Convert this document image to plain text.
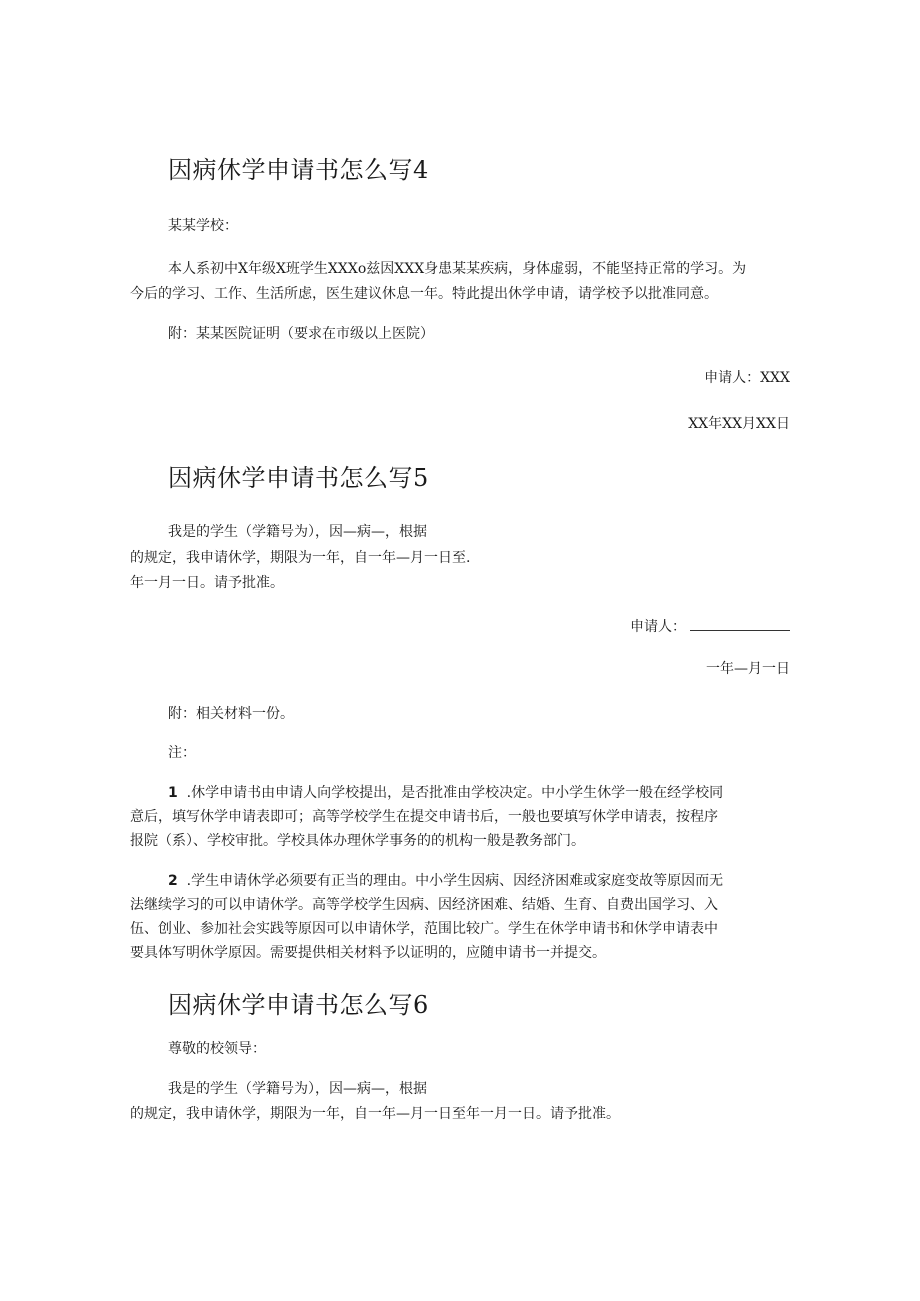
因病休学申请书怎么写4

某某学校：

本人系初中X年级X班学生XXXo兹因XXX身患某某疾病，身体虚弱，不能坚持正常的学习。为

今后的学习、工作、生活所虑，医生建议休息一年。特此提出休学申请，请学校予以批准同意。

附：某某医院证明（要求在市级以上医院）

申请人：XXX

XX年XX月XX日

因病休学申请书怎么写5

我是的学生（学籍号为），因—病—，根据

的规定，我申请休学，期限为一年，自一年—月一日至.

年一月一日。请予批准。

申请人：

一年—月一日

附：相关材料一份。

注：

1 .休学申请书由申请人向学校提出，是否批准由学校决定。中小学生休学一般在经学校同

意后，填写休学申请表即可；高等学校学生在提交申请书后，一般也要填写休学申请表，按程序

报院（系）、学校审批。学校具体办理休学事务的的机构一般是教务部门。

2 .学生申请休学必须要有正当的理由。中小学生因病、因经济困难或家庭变故等原因而无

法继续学习的可以申请休学。高等学校学生因病、因经济困难、结婚、生育、自费出国学习、入

伍、创业、参加社会实践等原因可以申请休学，范围比较广。学生在休学申请书和休学申请表中

要具体写明休学原因。需要提供相关材料予以证明的，应随申请书一并提交。

因病休学申请书怎么写6

尊敬的校领导：

我是的学生（学籍号为），因—病—，根据

的规定，我申请休学，期限为一年，自一年—月一日至年一月一日。请予批准。
